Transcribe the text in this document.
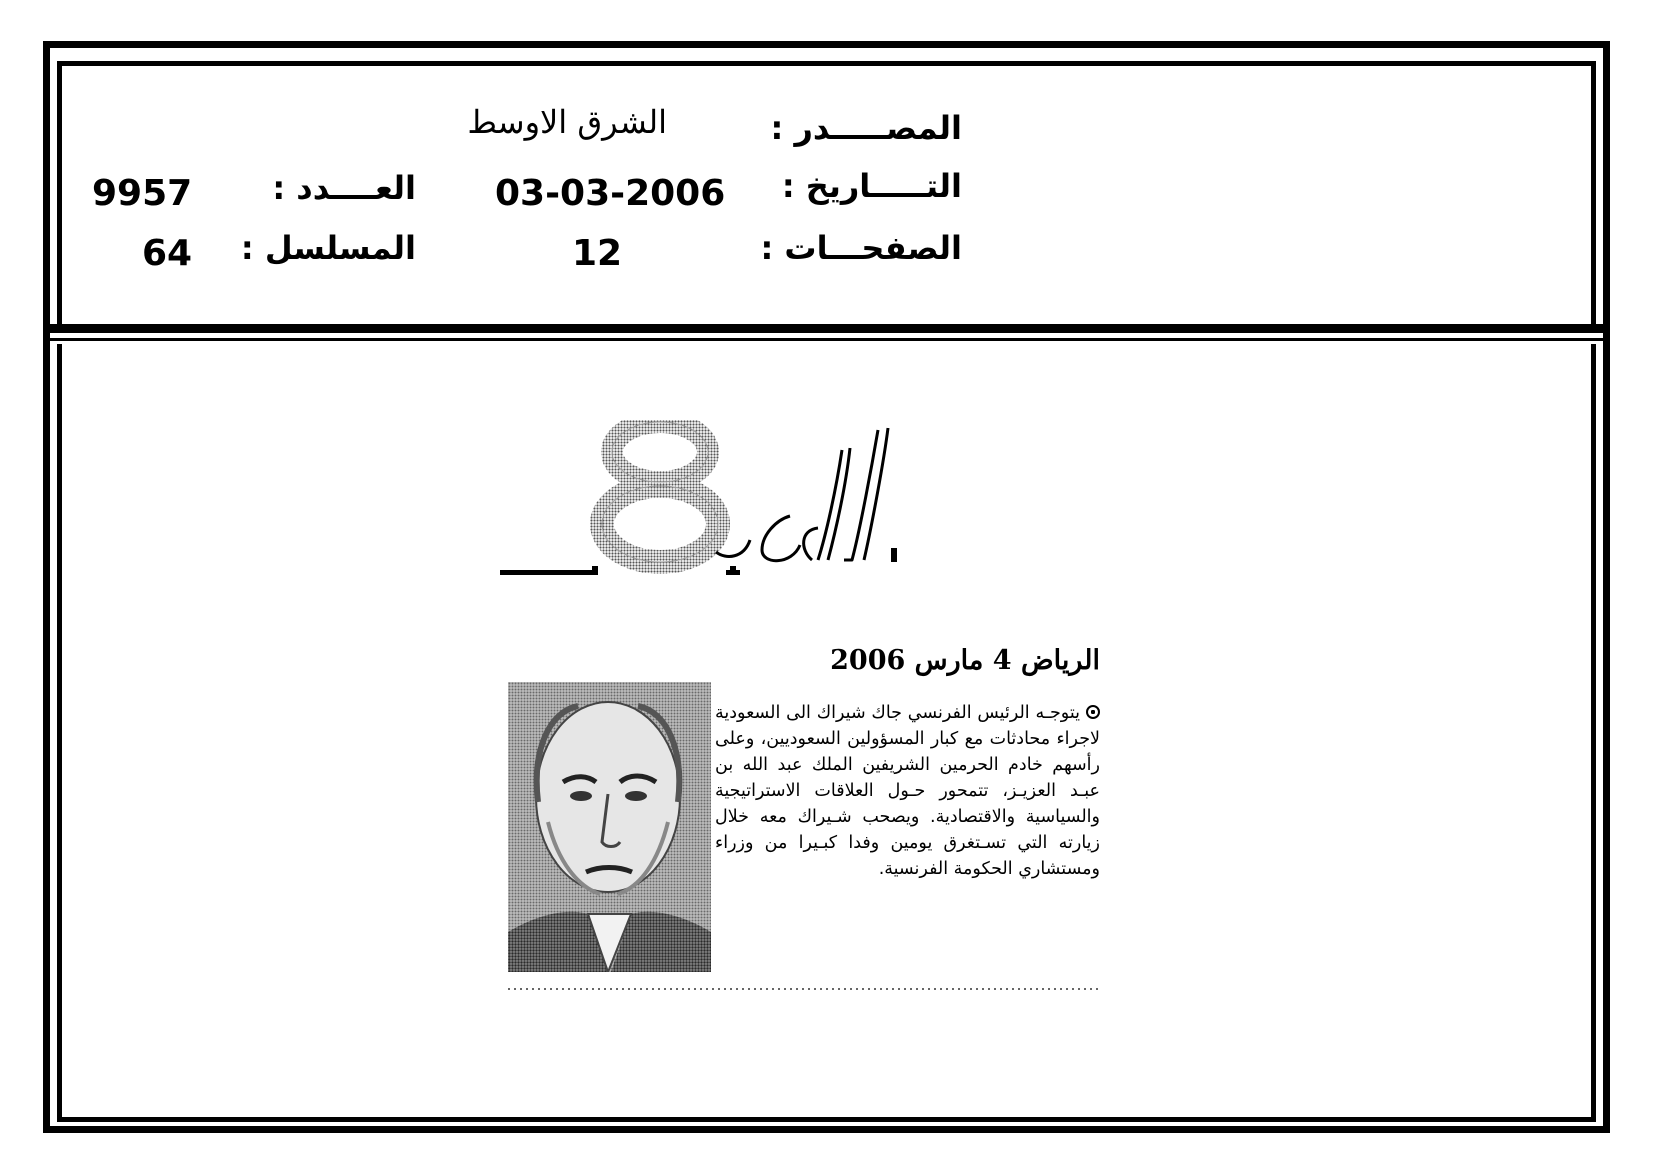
المصـــــدر :
الشرق الاوسط
التـــــاريخ :
03-03-2006
العــــدد :
9957
الصفحـــات :
12
المسلسل :
64
الرياض 4 مارس 2006
يتوجـه الرئيس الفرنسي جاك شيراك الى السعودية لاجراء محادثات مع كبار المسؤولين السعوديين، وعلى رأسهم خادم الحرمين الشريفين الملك عبد الله بن عبـد العزيـز، تتمحور حـول العلاقات الاستراتيجية والسياسية والاقتصادية. ويصحب شـيراك معه خلال زيارته التي تسـتغرق يومين وفدا كبـيرا من وزراء ومستشاري الحكومة الفرنسية.
